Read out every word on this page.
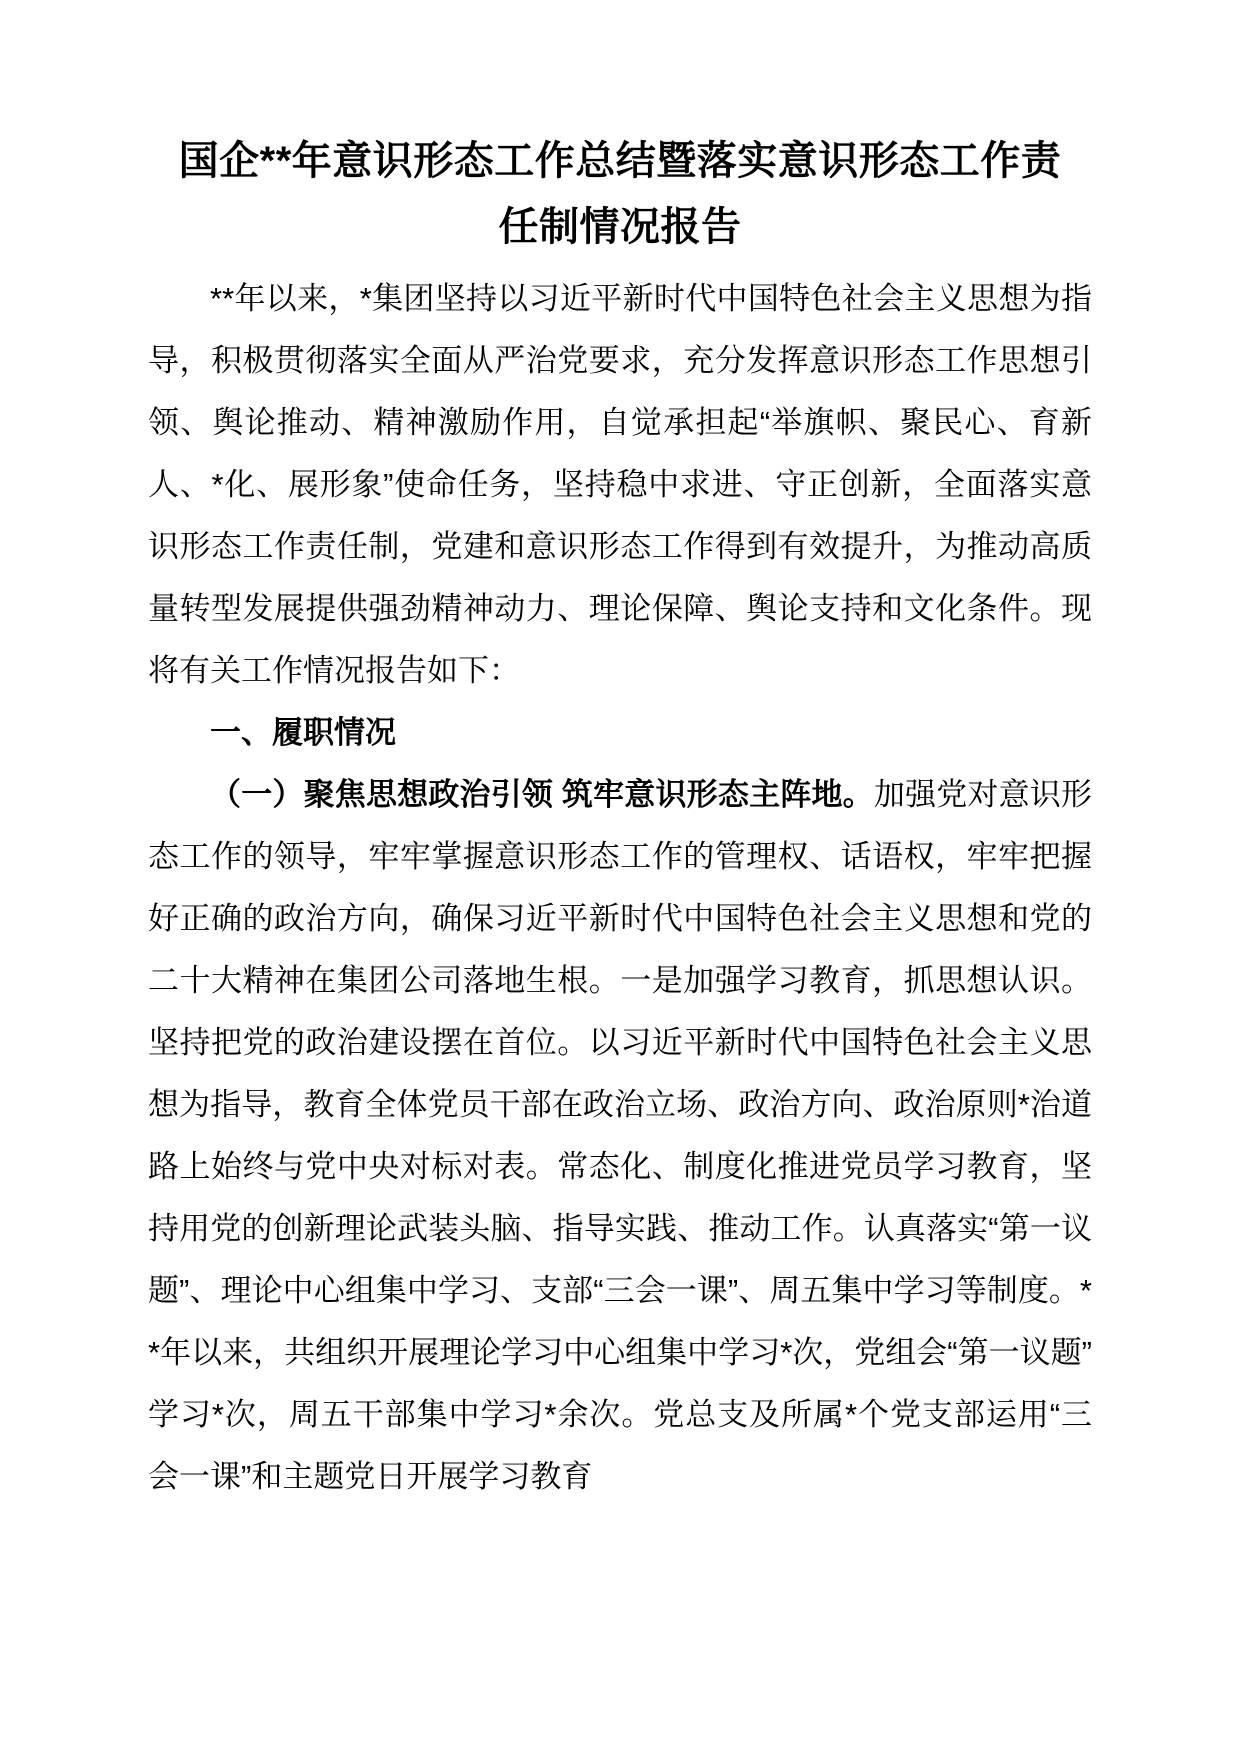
国企**年意识形态工作总结暨落实意识形态工作责任制情况报告

**年以来，*集团坚持以习近平新时代中国特色社会主义思想为指导，积极贯彻落实全面从严治党要求，充分发挥意识形态工作思想引领、舆论推动、精神激励作用，自觉承担起“举旗帜、聚民心、育新人、*化、展形象”使命任务，坚持稳中求进、守正创新，全面落实意识形态工作责任制，党建和意识形态工作得到有效提升，为推动高质量转型发展提供强劲精神动力、理论保障、舆论支持和文化条件。现将有关工作情况报告如下：

一、履职情况

（一）聚焦思想政治引领 筑牢意识形态主阵地。加强党对意识形态工作的领导，牢牢掌握意识形态工作的管理权、话语权，牢牢把握好正确的政治方向，确保习近平新时代中国特色社会主义思想和党的二十大精神在集团公司落地生根。一是加强学习教育，抓思想认识。坚持把党的政治建设摆在首位。以习近平新时代中国特色社会主义思想为指导，教育全体党员干部在政治立场、政治方向、政治原则*治道路上始终与党中央对标对表。常态化、制度化推进党员学习教育，坚持用党的创新理论武装头脑、指导实践、推动工作。认真落实“第一议题”、理论中心组集中学习、支部“三会一课”、周五集中学习等制度。**年以来，共组织开展理论学习中心组集中学习*次，党组会“第一议题”学习*次，周五干部集中学习*余次。党总支及所属*个党支部运用“三会一课”和主题党日开展学习教育
